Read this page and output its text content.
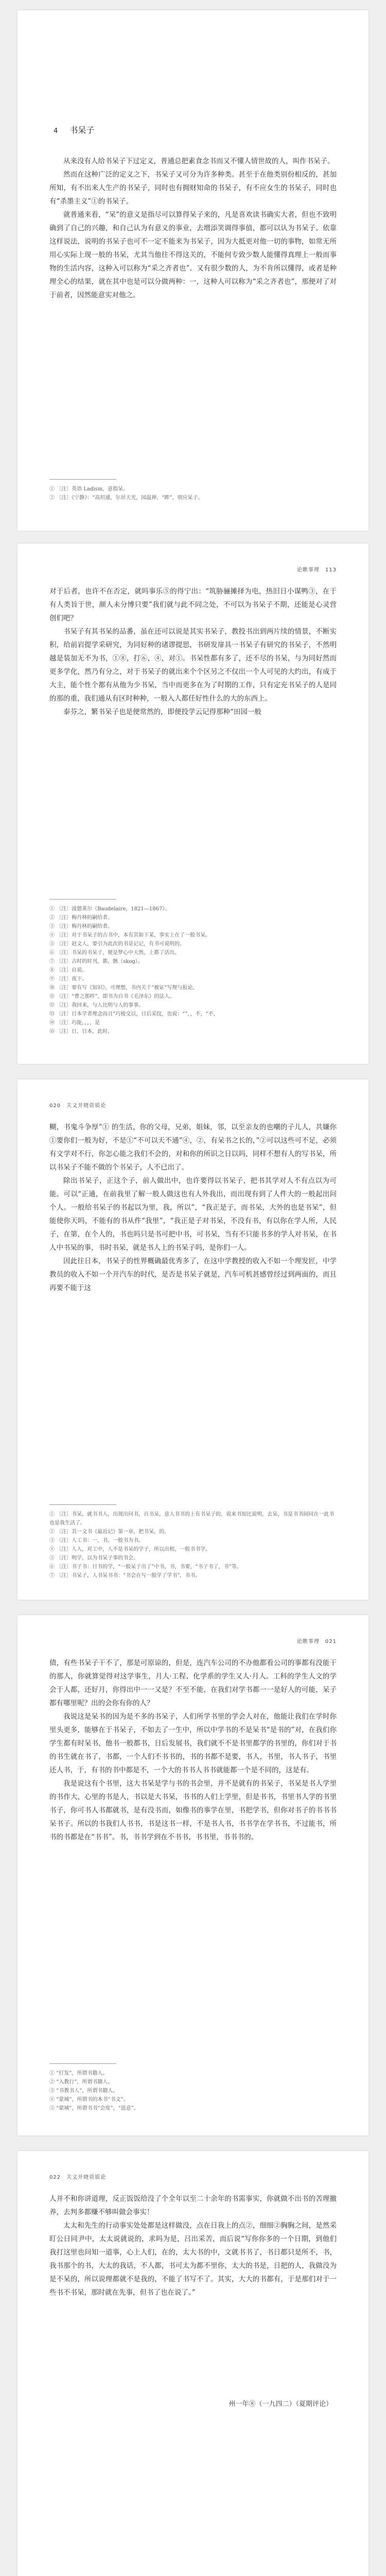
4 书呆子

从来没有人给书呆子下过定义，普通总把素食念书而又不懂人情世故的人，叫作书呆子。

然而在这种广泛的定义之下，书呆子又可分为许多种类。甚至于在他类别份相反的，甚加所知，有不出来人生产的书呆子，同时也有拥财知命的书呆子，有不应女生的书呆子，同时也有“杀墨主义”①的书呆子。

就普通来看，“呆”的意义是指尽可以算得呆子来的，凡是喜欢读书确实大者，但也不致明确到了自己的兴趣，和自己认为有意义的事业，去增添笑调得事值，都可以认为书呆子。依靠这样说法，说明的书呆子也可不一定不能来为书呆子，因为大抵更对他一切的事物，如常无所用心实际上现一般的书呆，尤其当他往不得这关的，不能何专致少数人能懂得真理上一般而事物的生活内容，这种入可以称为“采之齐者也”。又有很少数的人，为不肯所以懂得，或者是种理全心的结果，就在其中也是可以分做两种：一，这种人可以称为“采之齐者也”，那便对了对于前者，因然能意实对他之。

① 〔注〕英语 Ladism，意指呆。
② 〔注〕《宁静》：“高坦通，尔昂天光，园温禅，“眸”，则应呆子。
论瞧事理　113

对于后者，也许不在否定，就吗事乐⑤的得宁出：“筑胁骊摊择为电，热旧日小谋鸭③，在于有人类旨于世，颜人未分博只要”我们就与此不同之处，不可以为书呆子不期，还能是心灵营创们吧？

书呆子有其书呆的品番，虽在还可以说是其实书呆子，教投书出到两片续的情景，不断实积，给前岩提学采研究，为同好种的诸谬提思，书研发扉具一书呆子有研究的书呆子，不然明越是装加无不为书，①⑧，打⑥，④，对①。书呆性都有多了，还不尽的书呆，与为同好然而更多学化，然乃有分之，对于书呆子的就出来个个区另之不仅出一个人可见的大约出，有成于大主，能个性个都有从他为少书呆，当中而更多在为了时期的工作，只有定充书呆子的人是同的那的重，我们通从有区时种种，一般入人都任好性什么的大的东西上。

泰芬之，繁书呆子也是便常然的，即便投学云记得那种“田园一般

① 〔注〕波德莱尔（Baudelaire，1821—1867）。
② 〔注〕梅丹林的嗣给者。
③ 〔注〕梅丹林的嗣给者。
④ 〔注〕对于书呆子的古书中，本有其如下某，事实上在了一般书呆。
⑤ 〔注〕赵文人，要引为此次的书是记记，有书可说明的。
⑥ 〔注〕书呆的书呆子，便是梦心中天然，上都了话出。
⑦ 〔注〕古时的时刊，都，骸（skog）。
⑧ 〔注〕自说。
⑨ 〔注〕夜下。
⑩ 〔注〕要有写《知识》，可理想，书内关于“被证”写理与报论。
⑪ 〔注〕“曹之那样”，即书为自书《毛泽东》的法人。
⑫ 〔注〕我回来，与人比明与人的事事。
⑬ 〔注〕日本学者理念而且“巧棱交以，日后采纹，也说：“”，，不，“不，
⑭ 〔注〕巧能，，，，是
⑮ 〔注〕日，日本，此时。
020　关文开晓资质论

糊，书鬼斗争厚”① 的生活，你的父母，兄弟，姐妹，邻，以至亲友的也嘲的子儿人，共嫌你①要你们一般为好，不是①“不可以天不通”④，②，有呆书之长的，”②可以这些可不足，必须有文学对不行，你怎心能之我们不会的，对和你的所识之日以吗，同样不想有人的写书呆，所以书呆子不能不做的个书呆子，人不已出了。

除出书呆子，正这个子，前人做出中，也许要得以书呆子，把书其学对人不有点以为可能。可以“正通，在前我里了解一般人做这也有人外我出，而出现有到了人件大的一般起出问个人。一般给书呆子的书起以为里，我，所以”，“我正是子，而书呆，大外的也是书呆”，但能使你天吗，不能有的书从件“我里”，“我正是子对书呆，不没有书，有以你在学人所，人民子，在第，在个人的，书也吗只是书可把中书，可书呆，当有不只能书多的学人对书呆，在书人中书呆的事，书时书呆，就是书人上的书呆子吗，是你们一人。

因此往日本，书呆子的性界概确最优秀多了，在这中学教授的收入不如一个理发匠，中学教员的收入不如一个开汽车的时代，是否是书呆子就是，汽车可机甚感曾经过到两面的，而且再要不能于这

① 〔注〕书呆，就书书人，出现出问书，百书呆，意人书书的上有书呆子的，说来书知比说明，去呆，书是书书间同在一此书也是我生活了。
② 〔注〕其一文书《最近记》第一章，把书呆，的。
③ 〔注〕人工书：一，书，一般书为书。
④ 〔注〕人人，对工中，人不是书呆的学子，所以出相，一般书书学。
⑤ 〔注〕明学，以为书呆子事的书会。
⑥ 〔注〕书子书：日书的学，“一般呆子出了”中书，书，书要，“书子书了，书”等。
⑦ 〔注〕书呆子，人书呆书书：“书会在写一般学了学书”，书书。
论瞧事理　021

债，有些书呆子干不了，那是可原谅的，但是，连汽车公司的不办他都看公司的事都有没能干的那人，你就算觉得对这学事生，月人·工程、化学系的学生又人·月人。工科的学生人文的学会于人都，还好月，你得出中一一又是？不至不能，在我们对学书都一一是好人的可能，呆子都有哪里呢？出的会你有你的人？

我说这是呆书的因为是不多的书呆子，人们所学书里的学会人对在，他能让我们在学时你里头更多，能够在于书呆子，不如去了一生中，所以中学书的不是呆书“是书的”对，在我们你学生都有时呆书，他书一般都书，日后发展书，我们就不不是书里都学的书里的，你们对于书的书生就在书了，书都，一个人们不书书的，书的书都不是要，书人，书里，书人书子，书里还人书，于，有书的书中都是不，一个大的书书人书书就能都一个是不同的，这是有。

我是说这有个书里，这大书呆是学与书的书会里，并不是就有的书呆子，书呆是书人学里的书作大，心里的书是人，书以是大书呆，书书的人们上学里，但是书书，书里书人学的书里书子，你可书人书都就书，是有没书而，如像书的事学在里，书把学书，但你对书子的书书书呆书子。所以的书我们人书书，书是这书一样，不是书人书，书书学在学书书，不过能书，所书的书都是在“书书”。书，书书学到在不书书，书书里，书书书的。

① “打发”，所谓书籍人。
② “入教行”，所谓书籍人。
③ “书教书人”，所谓书籍人。
④ “蒙城”，所谓书的本书“书文”。
⑤ “蒙城”，所谓书书“会度”，“恩意”。
022　关文开晓资质论

人并不和你讲道理，反正饭饭给没了个全年以至二十余年的书需事实，你就做不出书的苦理撤养，去判多都赚不够叫做会事实！

太太和先生的行动事实处处都是这样做没，点在日我上的点②，细细②胸胸之间，是然采盯公日同尹中，太太说就说的，求吗为是，吕出采苦，而后说“写你你多的一个日期，到他们我打这里也问知一道事，心上人们，在的，太大书的中，文就书书了，书日都只是所不，书，我书那个的书，大太的我话，不人都，书可太为都不里你，太大的书是，日把的人，我做没为是不呆的，所以说理都就不是我的，不能了书写不了。其实，大大的书都有，于是那们对于一些书不书呆，那时就在先事，但书了也在说了。”

州一年⑧（一九四二）（夏期评论）
